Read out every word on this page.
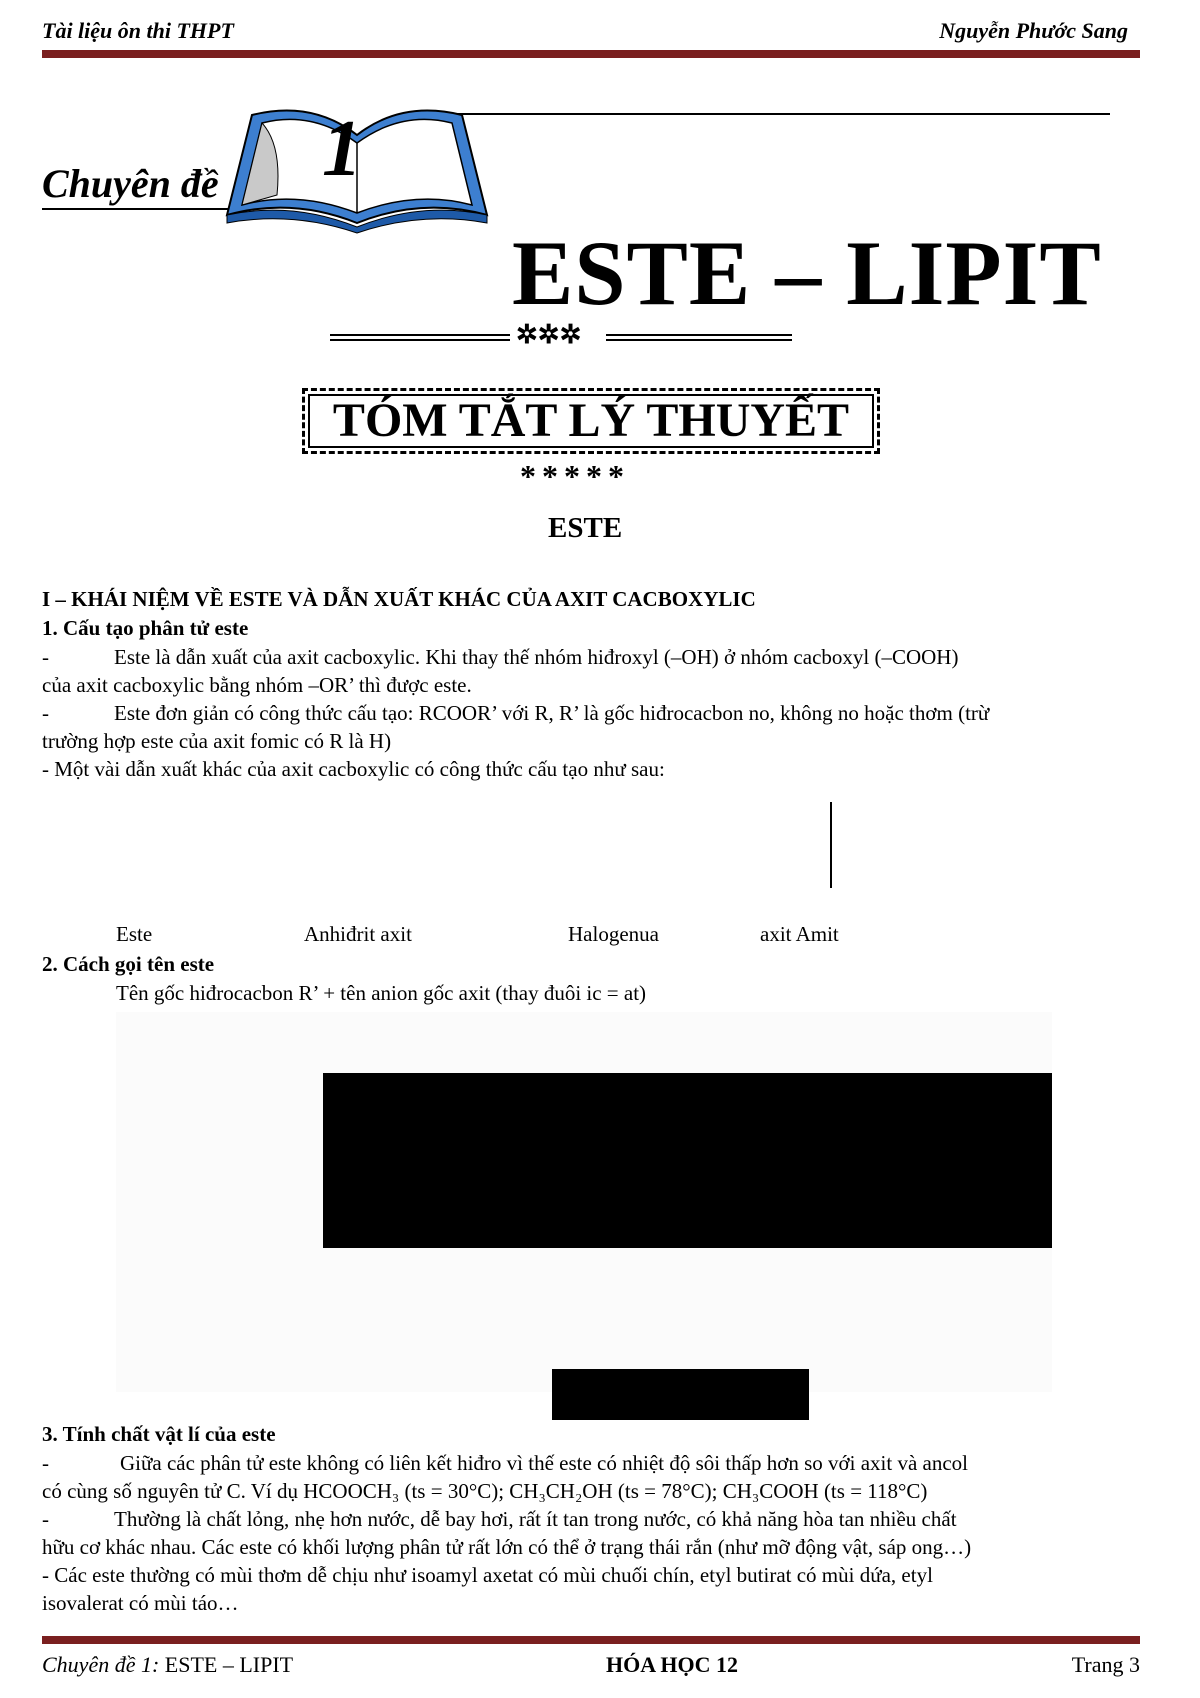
Tài liệu ôn thi THPT	Nguyễn Phước Sang
Chuyên đề 1
ESTE – LIPIT
✲✲✲
TÓM TẮT LÝ THUYẾT
*****
ESTE
I – KHÁI NIỆM VỀ ESTE VÀ DẪN XUẤT KHÁC CỦA AXIT CACBOXYLIC
1. Cấu tạo phân tử este
-	Este là dẫn xuất của axit cacboxylic. Khi thay thế nhóm hiđroxyl (–OH) ở nhóm cacboxyl (–COOH)
của axit cacboxylic bằng nhóm –OR’ thì được este.
-	Este đơn giản có công thức cấu tạo: RCOOR’ với R, R’ là gốc hiđrocacbon no, không no hoặc thơm (trừ
trường hợp este của axit fomic có R là H)
- Một vài dẫn xuất khác của axit cacboxylic có công thức cấu tạo như sau:
Este	Anhiđrit axit	Halogenua	axit Amit
2. Cách gọi tên este
Tên gốc hiđrocacbon R’ + tên anion gốc axit (thay đuôi ic = at)
3. Tính chất vật lí của este
-	Giữa các phân tử este không có liên kết hiđro vì thế este có nhiệt độ sôi thấp hơn so với axit và ancol
có cùng số nguyên tử C. Ví dụ HCOOCH₃ (ts = 30°C); CH₃CH₂OH (ts = 78°C); CH₃COOH (ts = 118°C)
-	Thường là chất lỏng, nhẹ hơn nước, dễ bay hơi, rất ít tan trong nước, có khả năng hòa tan nhiều chất
hữu cơ khác nhau. Các este có khối lượng phân tử rất lớn có thể ở trạng thái rắn (như mỡ động vật, sáp ong…)
- Các este thường có mùi thơm dễ chịu như isoamyl axetat có mùi chuối chín, etyl butirat có mùi dứa, etyl
isovalerat có mùi táo…
Chuyên đề 1: ESTE – LIPIT	HÓA HỌC 12	Trang 3
